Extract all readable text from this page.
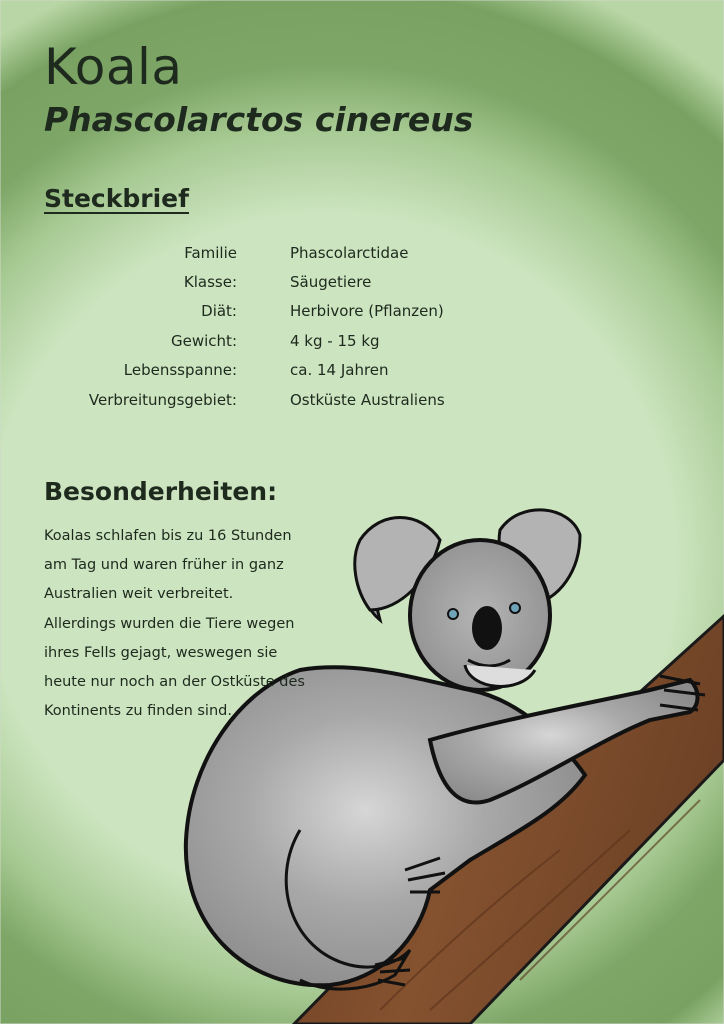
Koala
Phascolarctos cinereus
Steckbrief
Familie	Phascolarctidae
Klasse:	Säugetiere
Diät:	Herbivore (Pflanzen)
Gewicht:	4 kg - 15 kg
Lebensspanne:	ca. 14 Jahren
Verbreitungsgebiet:	Ostküste Australiens
Besonderheiten:
Koalas schlafen bis zu 16 Stunden
am Tag und waren früher in ganz
Australien weit verbreitet.
Allerdings wurden die Tiere wegen
ihres Fells gejagt, weswegen sie
heute nur noch an der Ostküste des
Kontinents zu finden sind.
